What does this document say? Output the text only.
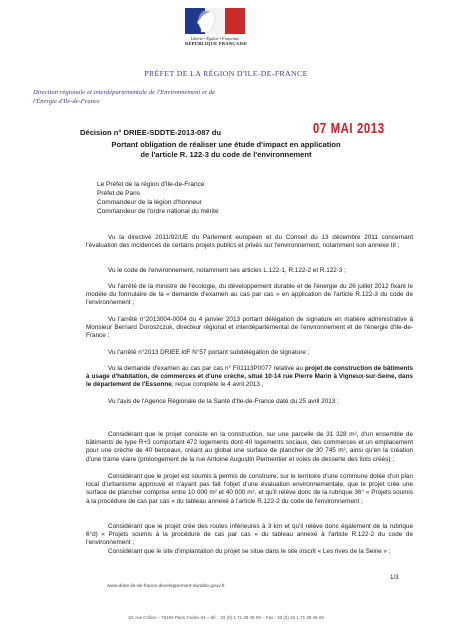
Liberté • Égalité • Fraternité
RÉPUBLIQUE FRANÇAISE
PRÉFET DE LA RÉGION D'ILE-DE-FRANCE
Direction régionale et interdépartementale de l'Environnement et de l'Énergie d'Ile-de-France
Décision n° DRIEE-SDDTE-2013-087 du	07 MAI 2013
Portant obligation de réaliser une étude d'impact en application
de l'article R. 122-3 du code de l'environnement
Le Préfet de la région d'Ile-de-France
Préfet de Paris
Commandeur de la légion d'honneur
Commandeur de l'ordre national du mérite
Vu la directive 2011/92/UE du Parlement européen et du Conseil du 13 décembre 2011 concernant l'évaluation des incidences de certains projets publics et privés sur l'environnement, notamment son annexe III ;
Vu le code de l'environnement, notamment ses articles L.122-1, R.122-2 et R.122-3 ;
Vu l'arrêté de la ministre de l'écologie, du développement durable et de l'énergie du 26 juillet 2012 fixant le modèle du formulaire de la « demande d'examen au cas par cas » en application de l'article R.122-3 du code de l'environnement ;
Vu l'arrêté n°2013004-0004 du 4 janvier 2013 portant délégation de signature en matière administrative à Monsieur Bernard Doroszczuk, directeur régional et interdépartemental de l'environnement et de l'énergie d'Ile-de-France ;
Vu l'arrêté n°2013 DRIEE IdF N°57 portant subdélégation de signature ;
Vu la demande d'examen au cas par cas n° F01113P0077 relative au projet de construction de bâtiments à usage d'habitation, de commerces et d'une crèche, situé 10-14 rue Pierre Marin à Vigneux-sur-Seine, dans le département de l'Essonne, reçue complète le 4 avril 2013 ;
Vu l'avis de l'Agence Régionale de la Santé d'Ile-de-France daté du 25 avril 2013 ;
Considérant que le projet consiste en la construction, sur une parcelle de 31 328 m², d'un ensemble de bâtiments de type R+3 comportant 472 logements dont 40 logements sociaux, des commerces et un emplacement pour une crèche de 40 berceaux, créant au global une surface de plancher de 30 745 m², ainsi qu'en la création d'une trame viaire (prolongement de la rue Antoine Augustin Permentier et voies de desserte des îlots créés) ;
Considérant que le projet est soumis à permis de construire, sur le territoire d'une commune dotée d'un plan local d'urbanisme approuvé et n'ayant pas fait l'objet d'une évaluation environnementale, que le projet crée une surface de plancher comprise entre 10 000 m² et 40 000 m², et qu'il relève donc de la rubrique 36° « Projets soumis à la procédure de cas par cas » du tableau annexé à l'article R.122-2 du code de l'environnement ;
Considérant que le projet crée des routes inférieures à 3 km et qu'il relève donc également de la rubrique 6°d) « Projets soumis à la procédure de cas par cas » du tableau annexé à l'article R.122-2 du code de l'environnement ;
Considérant que le site d'implantation du projet se situe dans le site inscrit « Les rives de la Seine » ;
1/3
www.driee.ile-de-france.developpement-durable.gouv.fr
10, rue Crillon – 75194 Paris Cedex 04 – tél. : 33 (0) 1 71 28 45 00 – Fax : 33 (0) 33 1 71 28 46 00
